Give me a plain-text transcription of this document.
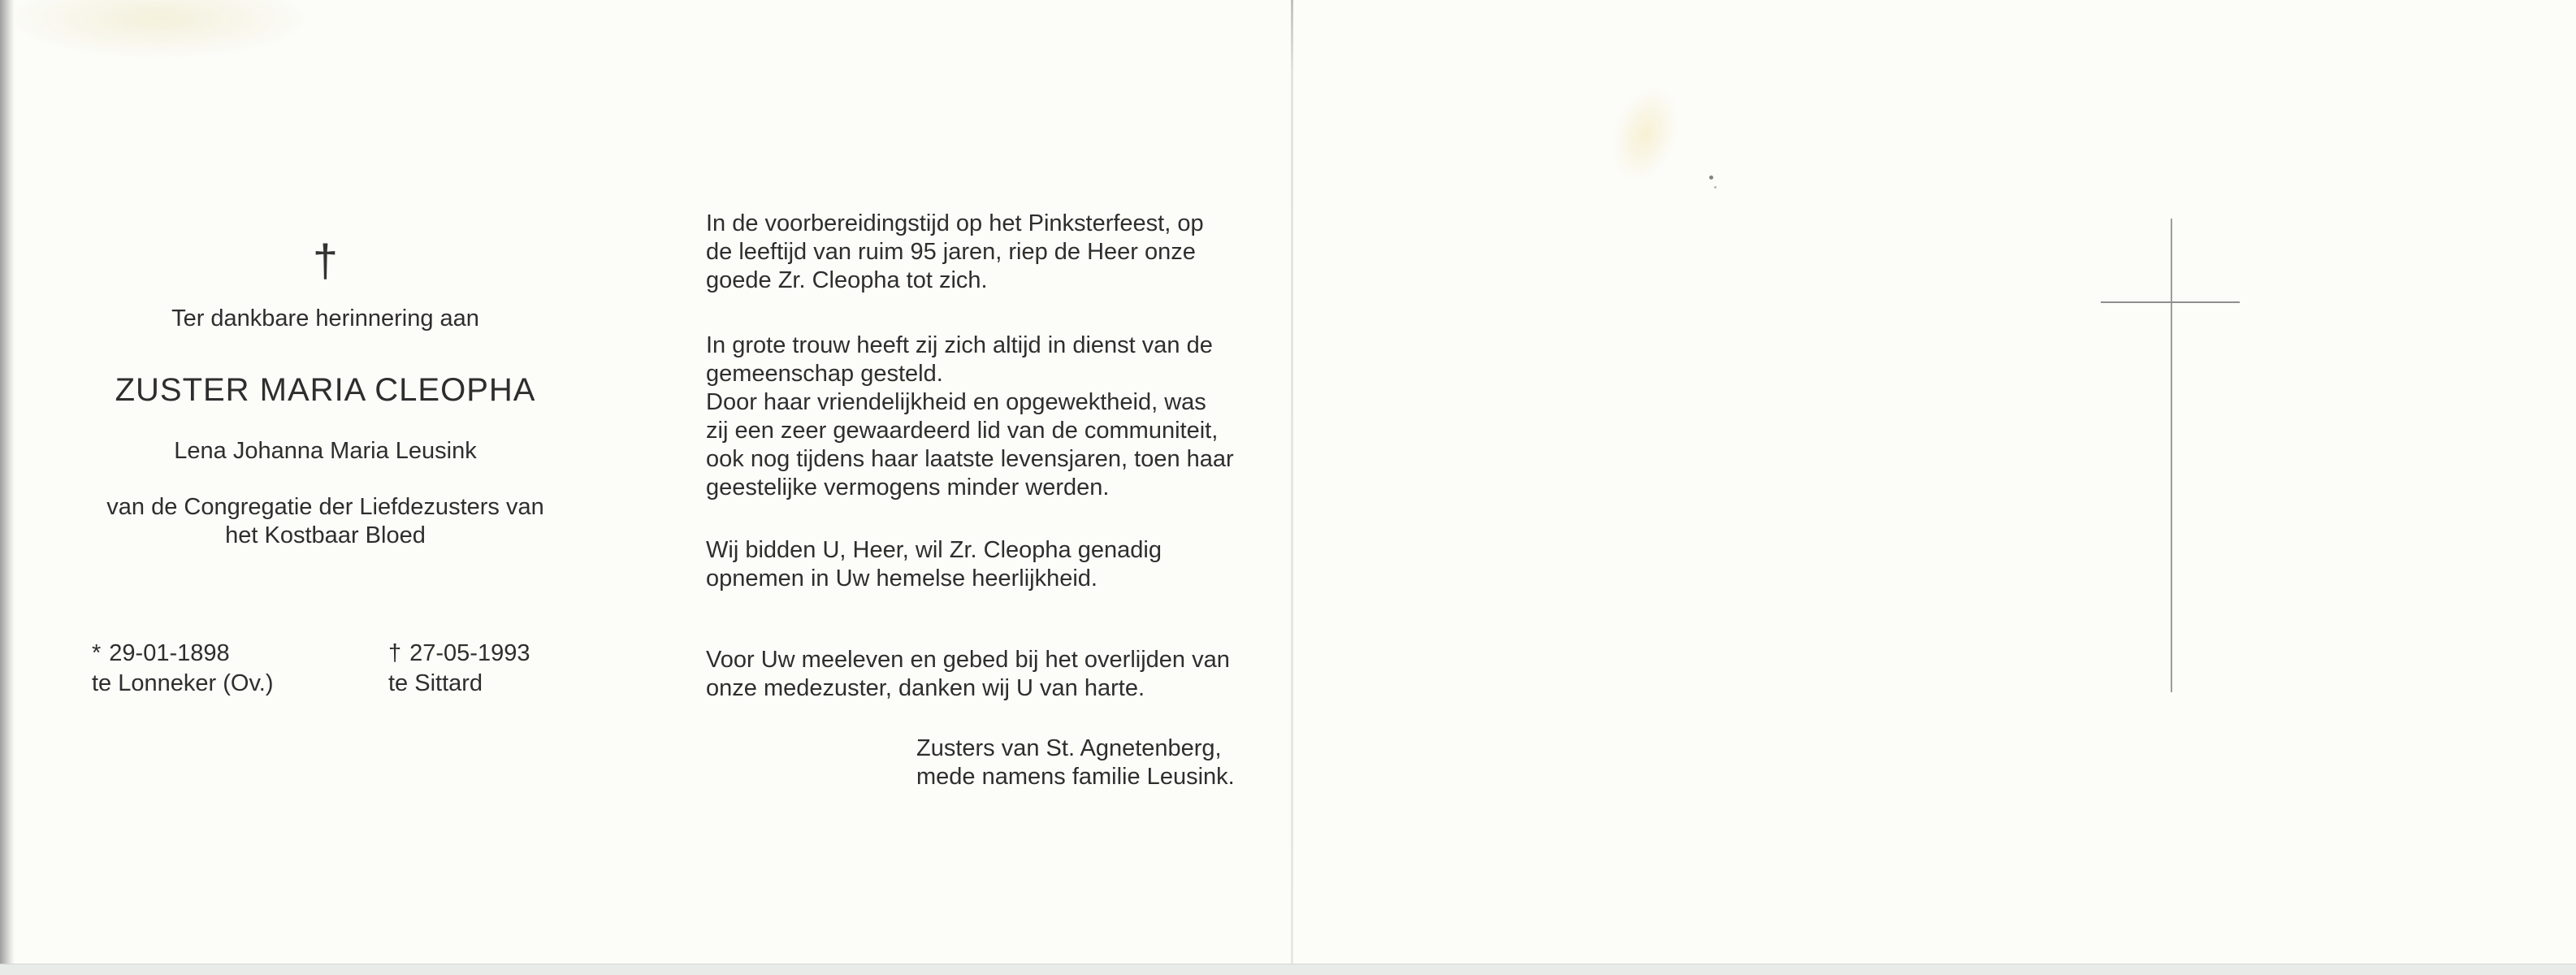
†
Ter dankbare herinnering aan
ZUSTER MARIA CLEOPHA
Lena Johanna Maria Leusink
van de Congregatie der Liefdezusters van
het Kostbaar Bloed
* 29-01-1898
te Lonneker (Ov.)
† 27-05-1993
te Sittard
In de voorbereidingstijd op het Pinksterfeest, op
de leeftijd van ruim 95 jaren, riep de Heer onze
goede Zr. Cleopha tot zich.
In grote trouw heeft zij zich altijd in dienst van de
gemeenschap gesteld.
Door haar vriendelijkheid en opgewektheid, was
zij een zeer gewaardeerd lid van de communiteit,
ook nog tijdens haar laatste levensjaren, toen haar
geestelijke vermogens minder werden.
Wij bidden U, Heer, wil Zr. Cleopha genadig
opnemen in Uw hemelse heerlijkheid.
Voor Uw meeleven en gebed bij het overlijden van
onze medezuster, danken wij U van harte.
Zusters van St. Agnetenberg,
mede namens familie Leusink.
